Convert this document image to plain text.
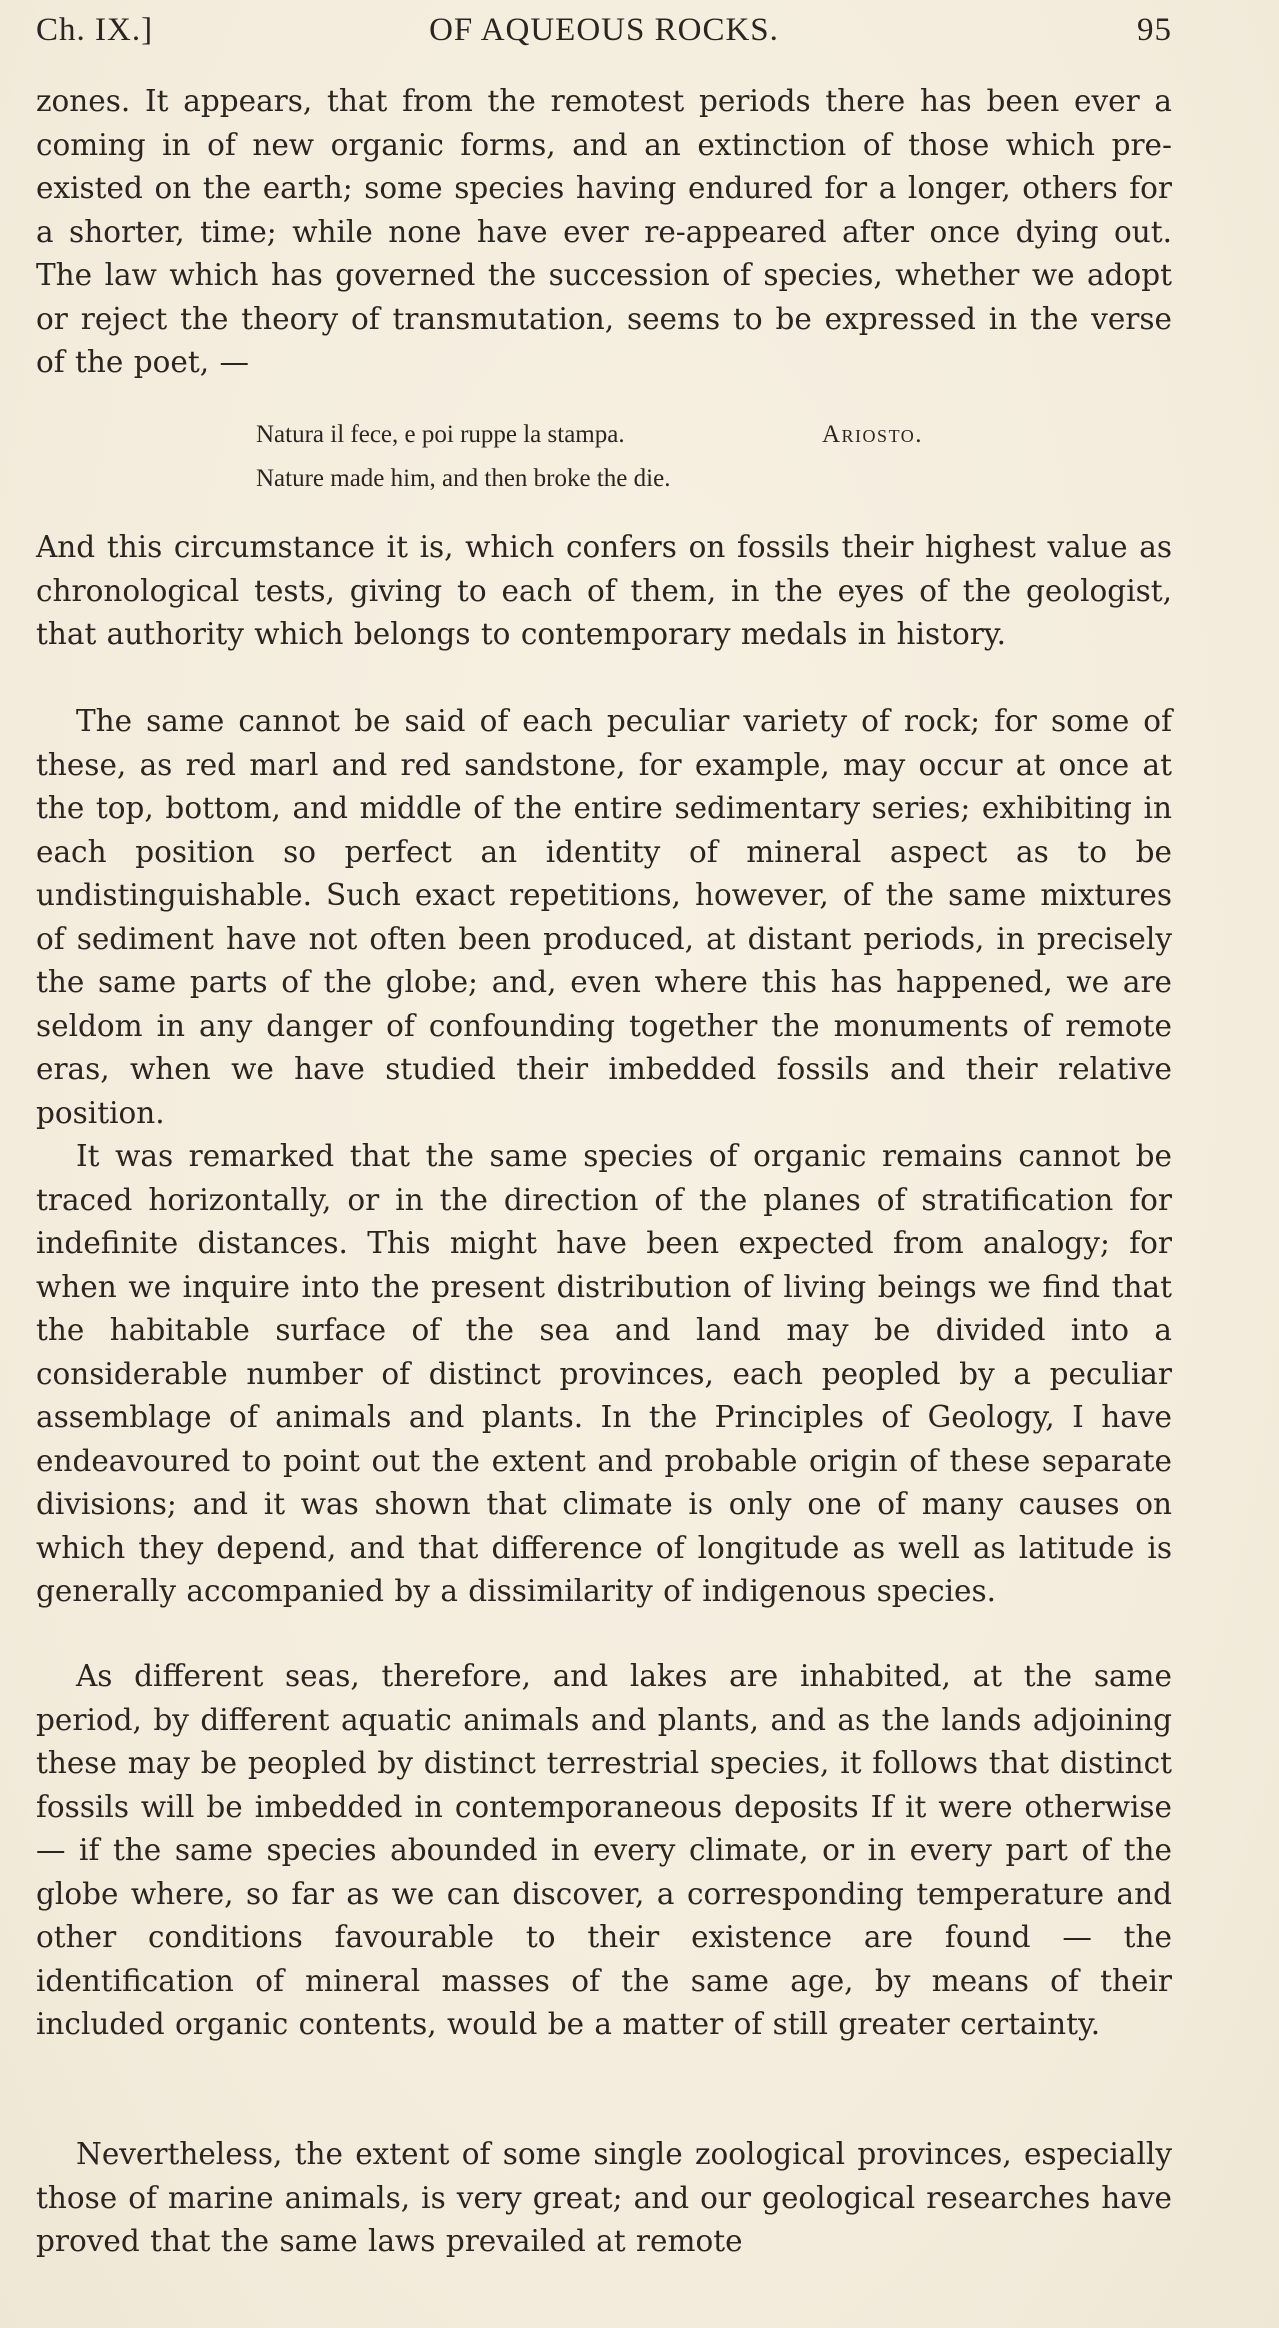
Ch. IX.]	OF AQUEOUS ROCKS.	95
zones. It appears, that from the remotest periods there has been ever a coming in of new organic forms, and an extinction of those which pre-existed on the earth; some species having endured for a longer, others for a shorter, time; while none have ever re-appeared after once dying out. The law which has governed the succession of species, whether we adopt or reject the theory of transmutation, seems to be expressed in the verse of the poet, —
Natura il fece, e poi ruppe la stampa.	Ariosto.
Nature made him, and then broke the die.
And this circumstance it is, which confers on fossils their highest value as chronological tests, giving to each of them, in the eyes of the geologist, that authority which belongs to contemporary medals in history.
The same cannot be said of each peculiar variety of rock; for some of these, as red marl and red sandstone, for example, may occur at once at the top, bottom, and middle of the entire sedimentary series; exhibiting in each position so perfect an identity of mineral aspect as to be undistinguishable. Such exact repetitions, however, of the same mixtures of sediment have not often been produced, at distant periods, in precisely the same parts of the globe; and, even where this has happened, we are seldom in any danger of confounding together the monuments of remote eras, when we have studied their imbedded fossils and their relative position.
It was remarked that the same species of organic remains cannot be traced horizontally, or in the direction of the planes of stratification for indefinite distances. This might have been expected from analogy; for when we inquire into the present distribution of living beings we find that the habitable surface of the sea and land may be divided into a considerable number of distinct provinces, each peopled by a peculiar assemblage of animals and plants. In the Principles of Geology, I have endeavoured to point out the extent and probable origin of these separate divisions; and it was shown that climate is only one of many causes on which they depend, and that difference of longitude as well as latitude is generally accompanied by a dissimilarity of indigenous species.
As different seas, therefore, and lakes are inhabited, at the same period, by different aquatic animals and plants, and as the lands adjoining these may be peopled by distinct terrestrial species, it follows that distinct fossils will be imbedded in contemporaneous deposits If it were otherwise — if the same species abounded in every climate, or in every part of the globe where, so far as we can discover, a corresponding temperature and other conditions favourable to their existence are found — the identification of mineral masses of the same age, by means of their included organic contents, would be a matter of still greater certainty.
Nevertheless, the extent of some single zoological provinces, especially those of marine animals, is very great; and our geological researches have proved that the same laws prevailed at remote
